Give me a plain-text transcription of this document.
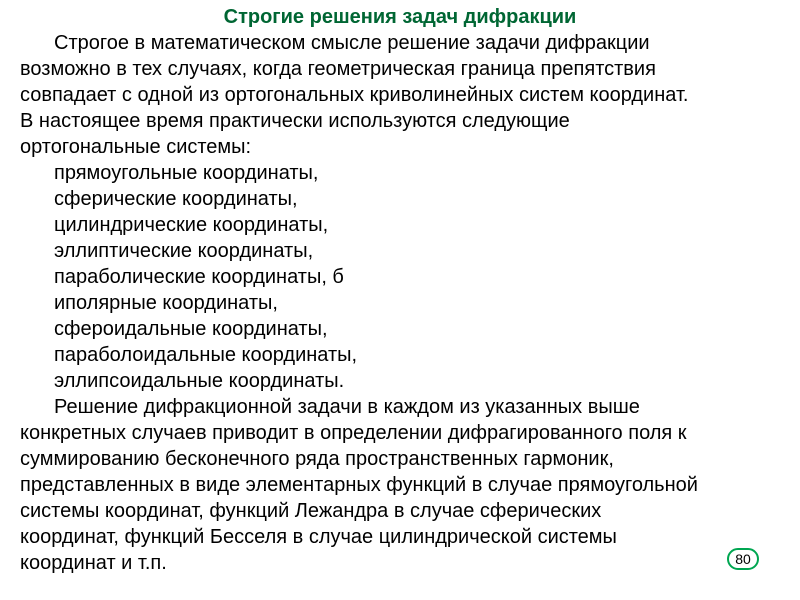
Строгие решения задач дифракции
Строгое в математическом смысле решение задачи дифракции
возможно в тех случаях, когда геометрическая граница препятствия
совпадает с одной из ортогональных криволинейных систем координат.
В настоящее время практически используются следующие
ортогональные системы:
прямоугольные координаты,
сферические координаты,
цилиндрические координаты,
эллиптические координаты,
параболические координаты, б
иполярные координаты,
сфероидальные координаты,
параболоидальные координаты,
эллипсоидальные координаты.
Решение дифракционной задачи в каждом из указанных выше
конкретных случаев приводит в определении дифрагированного поля к
суммированию бесконечного ряда пространственных гармоник,
представленных в виде элементарных функций в случае прямоугольной
системы координат, функций Лежандра в случае сферических
координат, функций Бесселя в случае цилиндрической системы
координат и т.п.	80
